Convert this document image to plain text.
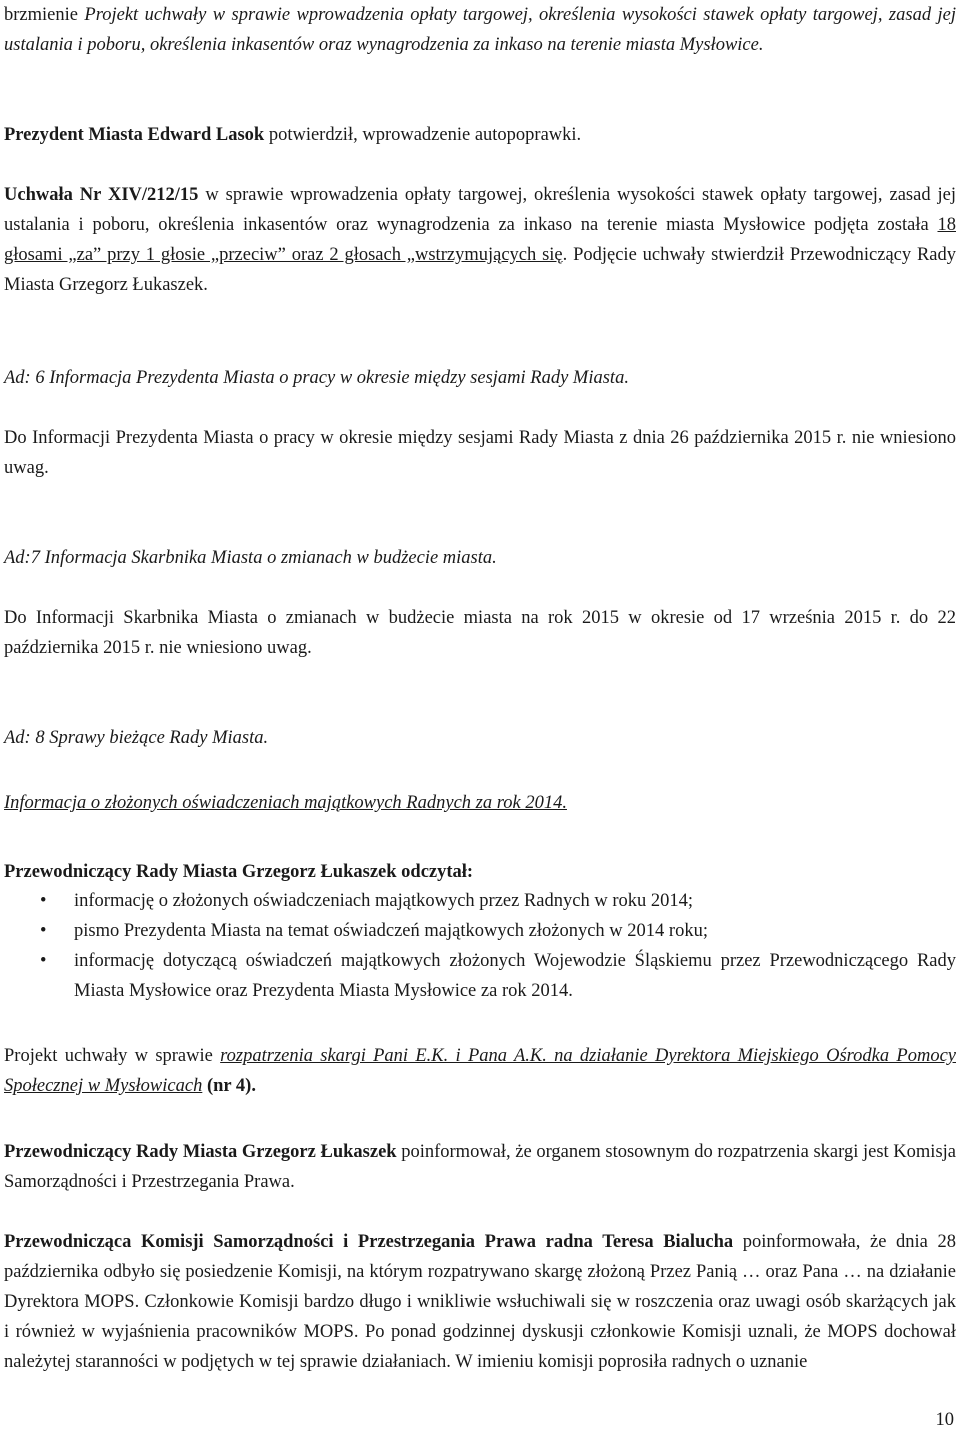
brzmienie Projekt uchwały w sprawie wprowadzenia opłaty targowej, określenia wysokości stawek opłaty targowej, zasad jej ustalania i poboru, określenia inkasentów oraz wynagrodzenia za inkaso na terenie miasta Mysłowice.

Prezydent Miasta Edward Lasok potwierdził, wprowadzenie autopoprawki.

Uchwała Nr XIV/212/15 w sprawie wprowadzenia opłaty targowej, określenia wysokości stawek opłaty targowej, zasad jej ustalania i poboru, określenia inkasentów oraz wynagrodzenia za inkaso na terenie miasta Mysłowice podjęta została 18 głosami „za” przy 1 głosie „przeciw” oraz 2 głosach „wstrzymujących się. Podjęcie uchwały stwierdził Przewodniczący Rady Miasta Grzegorz Łukaszek.

Ad: 6 Informacja Prezydenta Miasta o pracy w okresie między sesjami Rady Miasta.

Do Informacji Prezydenta Miasta o pracy w okresie między sesjami Rady Miasta z dnia 26 października 2015 r. nie wniesiono uwag.

Ad:7 Informacja Skarbnika Miasta o zmianach w budżecie miasta.

Do Informacji Skarbnika Miasta o zmianach w budżecie miasta na rok 2015 w okresie od 17 września 2015 r. do 22 października 2015 r. nie wniesiono uwag.

Ad: 8 Sprawy bieżące Rady Miasta.

Informacja o złożonych oświadczeniach majątkowych Radnych za rok 2014.

Przewodniczący Rady Miasta Grzegorz Łukaszek odczytał:

• informację o złożonych oświadczeniach majątkowych przez Radnych w roku 2014;
• pismo Prezydenta Miasta na temat oświadczeń majątkowych złożonych w 2014 roku;
• informację dotyczącą oświadczeń majątkowych złożonych Wojewodzie Śląskiemu przez Przewodniczącego Rady Miasta Mysłowice oraz Prezydenta Miasta Mysłowice za rok 2014.

Projekt uchwały w sprawie rozpatrzenia skargi Pani E.K. i Pana A.K. na działanie Dyrektora Miejskiego Ośrodka Pomocy Społecznej w Mysłowicach (nr 4).

Przewodniczący Rady Miasta Grzegorz Łukaszek poinformował, że organem stosownym do rozpatrzenia skargi jest Komisja Samorządności i Przestrzegania Prawa.

Przewodnicząca Komisji Samorządności i Przestrzegania Prawa radna Teresa Bialucha poinformowała, że dnia 28 października odbyło się posiedzenie Komisji, na którym rozpatrywano skargę złożoną Przez Panią … oraz Pana … na działanie Dyrektora MOPS. Członkowie Komisji bardzo długo i wnikliwie wsłuchiwali się w roszczenia oraz uwagi osób skarżących jak i również w wyjaśnienia pracowników MOPS. Po ponad godzinnej dyskusji członkowie Komisji uznali, że MOPS dochował należytej staranności w podjętych w tej sprawie działaniach. W imieniu komisji poprosiła radnych o uznanie

10
